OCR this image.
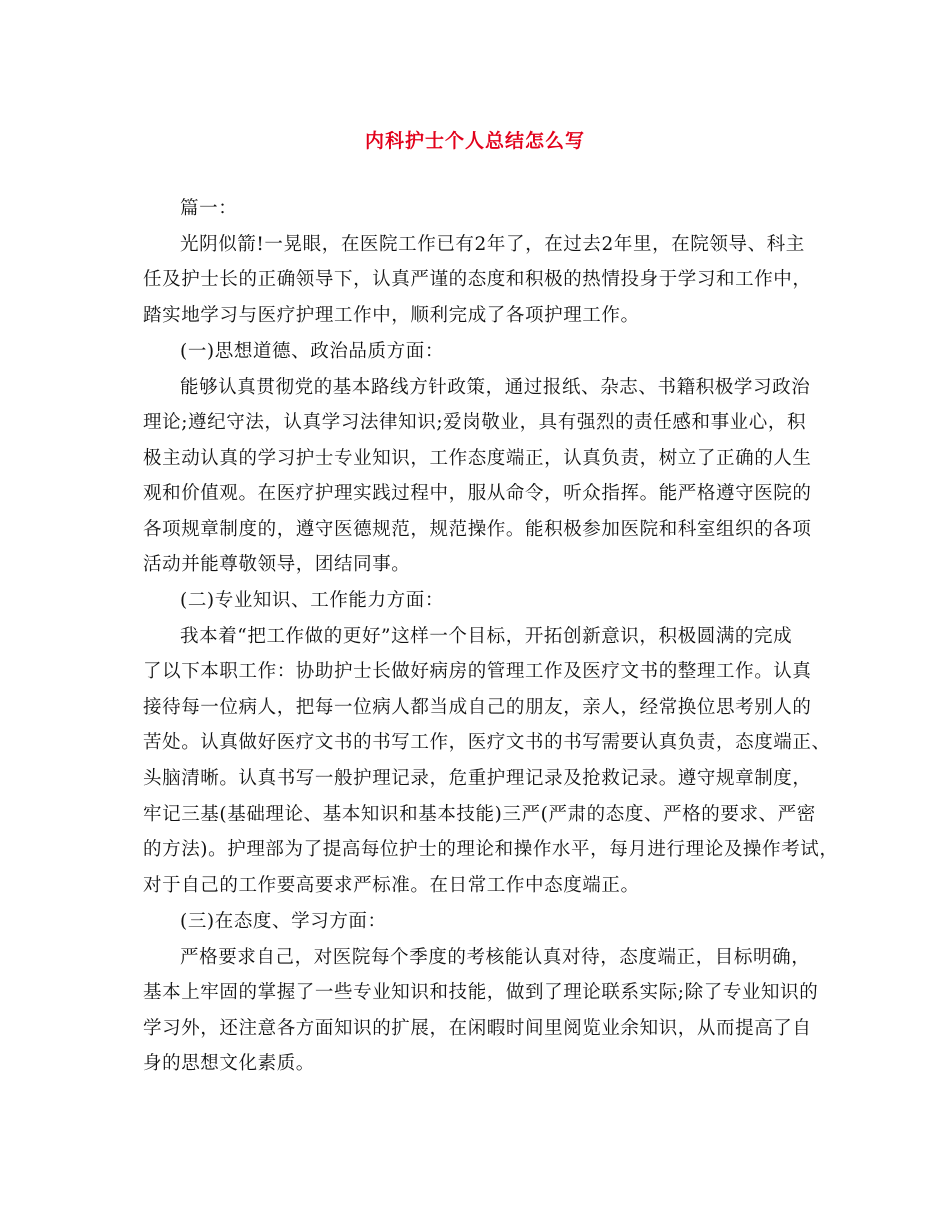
内科护士个人总结怎么写
篇一：
光阴似箭!一晃眼，在医院工作已有2年了，在过去2年里，在院领导、科主
任及护士长的正确领导下，认真严谨的态度和积极的热情投身于学习和工作中，
踏实地学习与医疗护理工作中，顺利完成了各项护理工作。
(一)思想道德、政治品质方面：
能够认真贯彻党的基本路线方针政策，通过报纸、杂志、书籍积极学习政治
理论;遵纪守法，认真学习法律知识;爱岗敬业，具有强烈的责任感和事业心，积
极主动认真的学习护士专业知识，工作态度端正，认真负责，树立了正确的人生
观和价值观。在医疗护理实践过程中，服从命令，听众指挥。能严格遵守医院的
各项规章制度的，遵守医德规范，规范操作。能积极参加医院和科室组织的各项
活动并能尊敬领导，团结同事。
(二)专业知识、工作能力方面：
我本着“把工作做的更好”这样一个目标，开拓创新意识，积极圆满的完成
了以下本职工作：协助护士长做好病房的管理工作及医疗文书的整理工作。认真
接待每一位病人，把每一位病人都当成自己的朋友，亲人，经常换位思考别人的
苦处。认真做好医疗文书的书写工作，医疗文书的书写需要认真负责，态度端正、
头脑清晰。认真书写一般护理记录，危重护理记录及抢救记录。遵守规章制度，
牢记三基(基础理论、基本知识和基本技能)三严(严肃的态度、严格的要求、严密
的方法)。护理部为了提高每位护士的理论和操作水平，每月进行理论及操作考试，
对于自己的工作要高要求严标准。在日常工作中态度端正。
(三)在态度、学习方面：
严格要求自己，对医院每个季度的考核能认真对待，态度端正，目标明确，
基本上牢固的掌握了一些专业知识和技能，做到了理论联系实际;除了专业知识的
学习外，还注意各方面知识的扩展，在闲暇时间里阅览业余知识，从而提高了自
身的思想文化素质。
